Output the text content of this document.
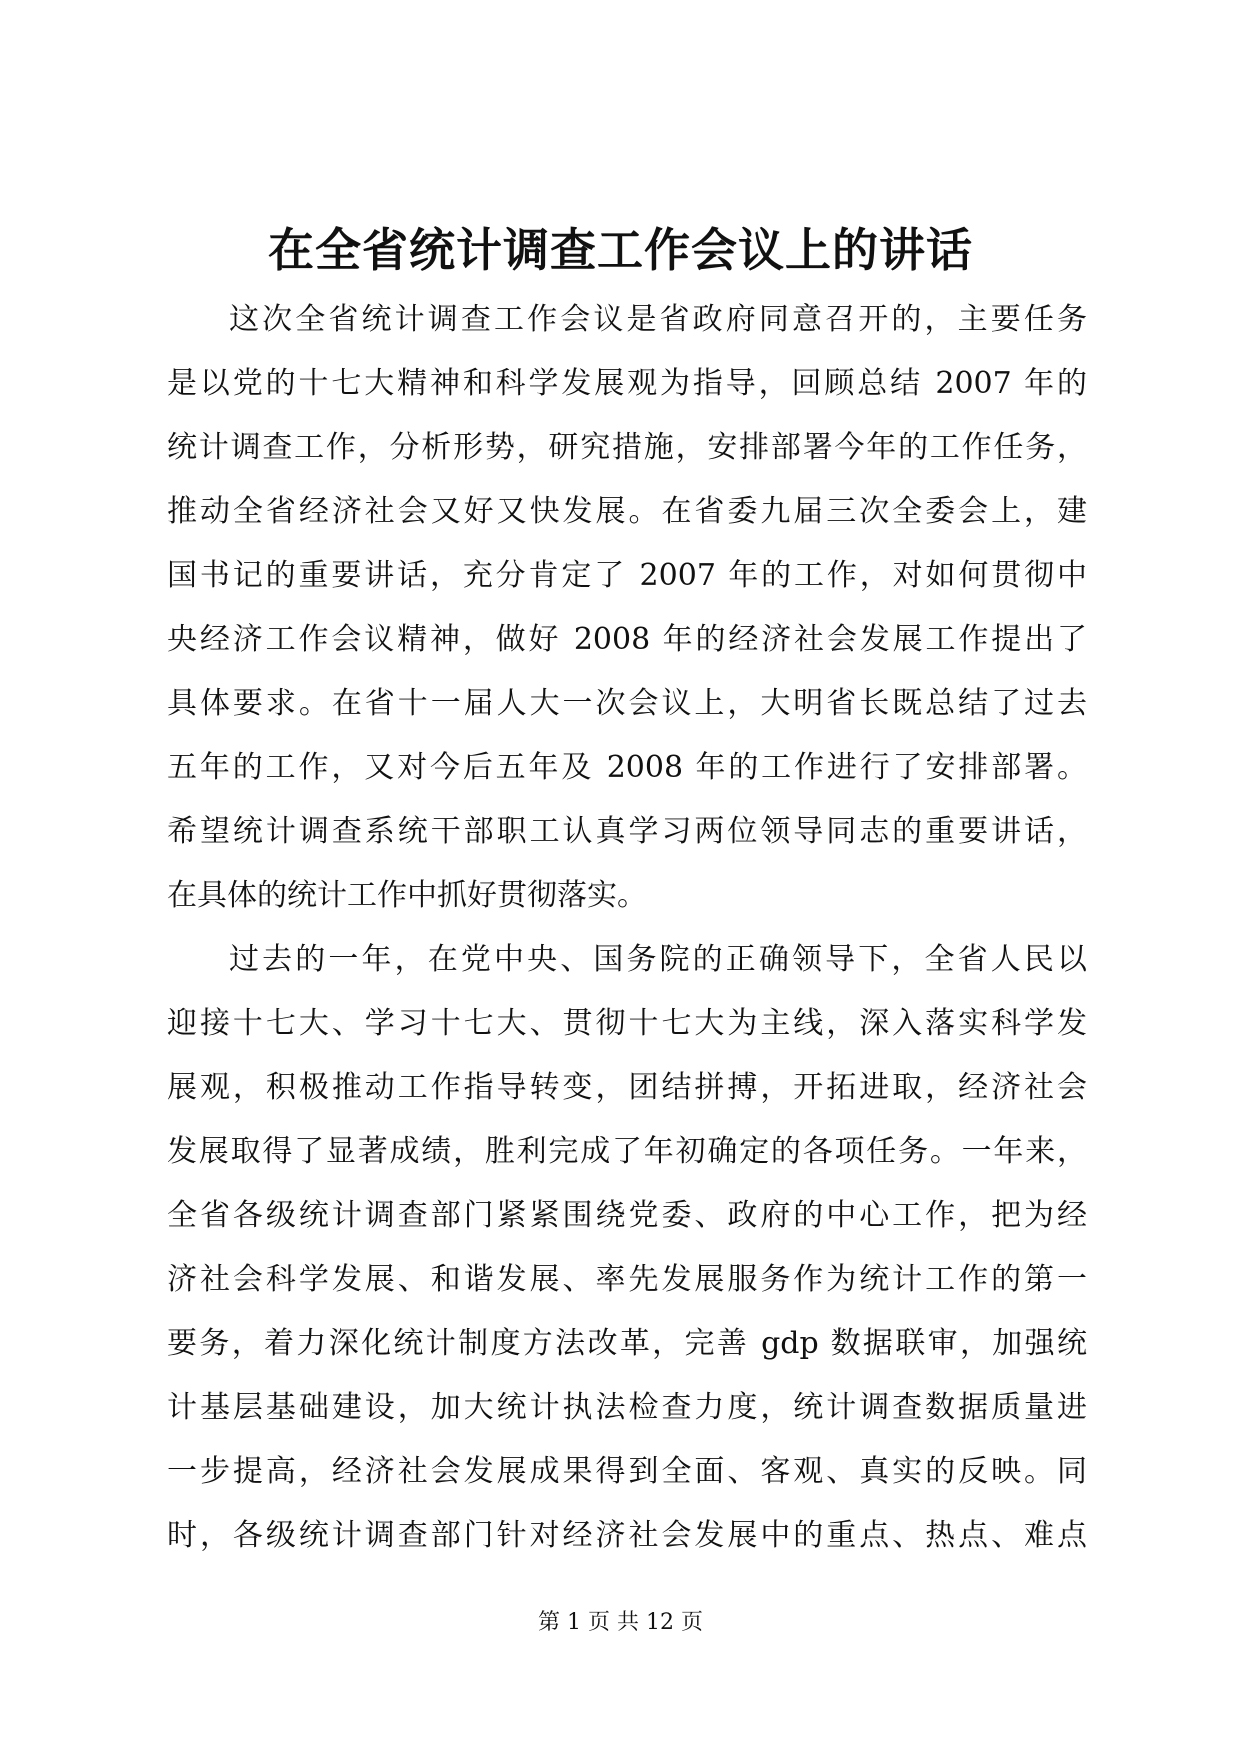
在全省统计调查工作会议上的讲话
这次全省统计调查工作会议是省政府同意召开的，主要任务
是以党的十七大精神和科学发展观为指导，回顾总结 2007 年的
统计调查工作，分析形势，研究措施，安排部署今年的工作任务，
推动全省经济社会又好又快发展。在省委九届三次全委会上，建
国书记的重要讲话，充分肯定了 2007 年的工作，对如何贯彻中
央经济工作会议精神，做好 2008 年的经济社会发展工作提出了
具体要求。在省十一届人大一次会议上，大明省长既总结了过去
五年的工作，又对今后五年及 2008 年的工作进行了安排部署。
希望统计调查系统干部职工认真学习两位领导同志的重要讲话，
在具体的统计工作中抓好贯彻落实。
过去的一年，在党中央、国务院的正确领导下，全省人民以
迎接十七大、学习十七大、贯彻十七大为主线，深入落实科学发
展观，积极推动工作指导转变，团结拼搏，开拓进取，经济社会
发展取得了显著成绩，胜利完成了年初确定的各项任务。一年来，
全省各级统计调查部门紧紧围绕党委、政府的中心工作，把为经
济社会科学发展、和谐发展、率先发展服务作为统计工作的第一
要务，着力深化统计制度方法改革，完善 gdp 数据联审，加强统
计基层基础建设，加大统计执法检查力度，统计调查数据质量进
一步提高，经济社会发展成果得到全面、客观、真实的反映。同
时，各级统计调查部门针对经济社会发展中的重点、热点、难点
第 1 页 共 12 页
